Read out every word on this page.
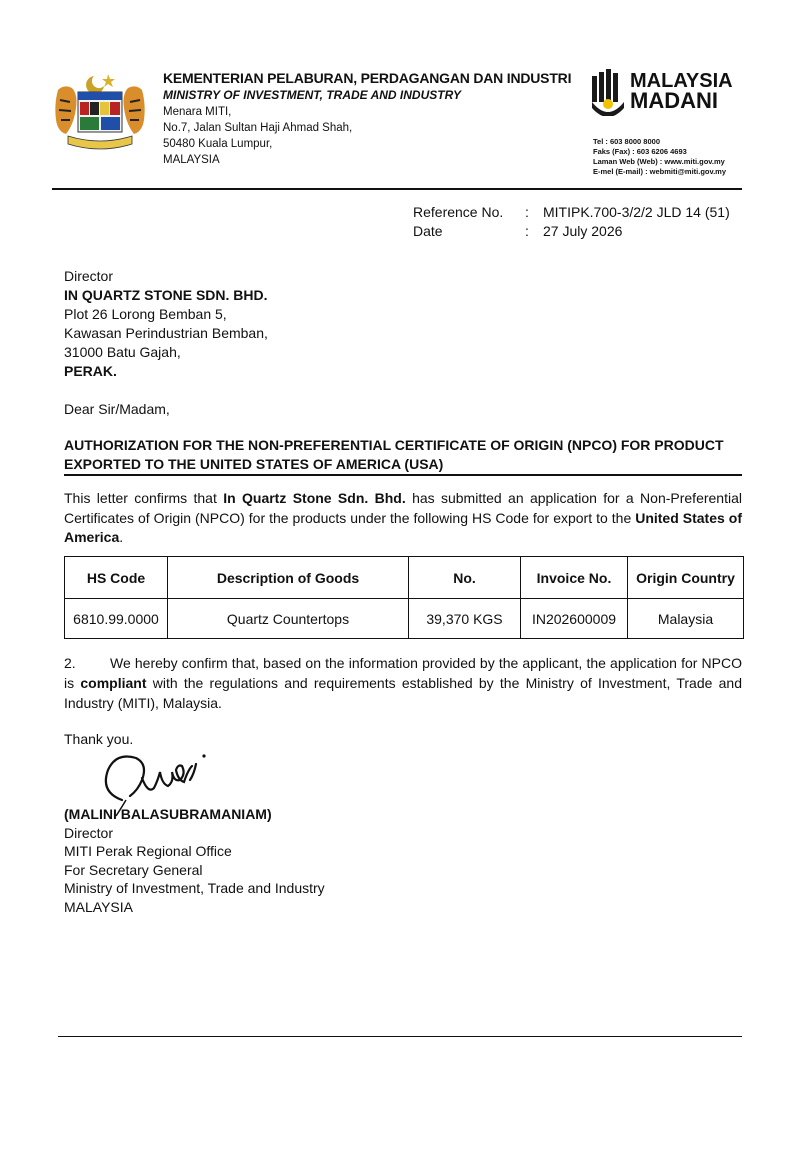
KEMENTERIAN PELABURAN, PERDAGANGAN DAN INDUSTRI
MINISTRY OF INVESTMENT, TRADE AND INDUSTRY
Menara MITI,
No.7, Jalan Sultan Haji Ahmad Shah,
50480 Kuala Lumpur,
MALAYSIA
MALAYSIA
MADANI
Tel : 603 8000 8000
Faks (Fax) : 603 6206 4693
Laman Web (Web) : www.miti.gov.my
E-mel (E-mail) : webmiti@miti.gov.my
Reference No.	:	MITIPK.700-3/2/2 JLD 14 (51)
Date	:	27 July 2026
Director
IN QUARTZ STONE SDN. BHD.
Plot 26 Lorong Bemban 5,
Kawasan Perindustrian Bemban,
31000 Batu Gajah,
PERAK.
Dear Sir/Madam,
AUTHORIZATION FOR THE NON-PREFERENTIAL CERTIFICATE OF ORIGIN (NPCO) FOR PRODUCT EXPORTED TO THE UNITED STATES OF AMERICA (USA)
This letter confirms that In Quartz Stone Sdn. Bhd. has submitted an application for a Non-Preferential Certificates of Origin (NPCO) for the products under the following HS Code for export to the United States of America.
HS Code	Description of Goods	No.	Invoice No.	Origin Country
6810.99.0000	Quartz Countertops	39,370 KGS	IN202600009	Malaysia
2. We hereby confirm that, based on the information provided by the applicant, the application for NPCO is compliant with the regulations and requirements established by the Ministry of Investment, Trade and Industry (MITI), Malaysia.
Thank you.
(MALINI BALASUBRAMANIAM)
Director
MITI Perak Regional Office
For Secretary General
Ministry of Investment, Trade and Industry
MALAYSIA
